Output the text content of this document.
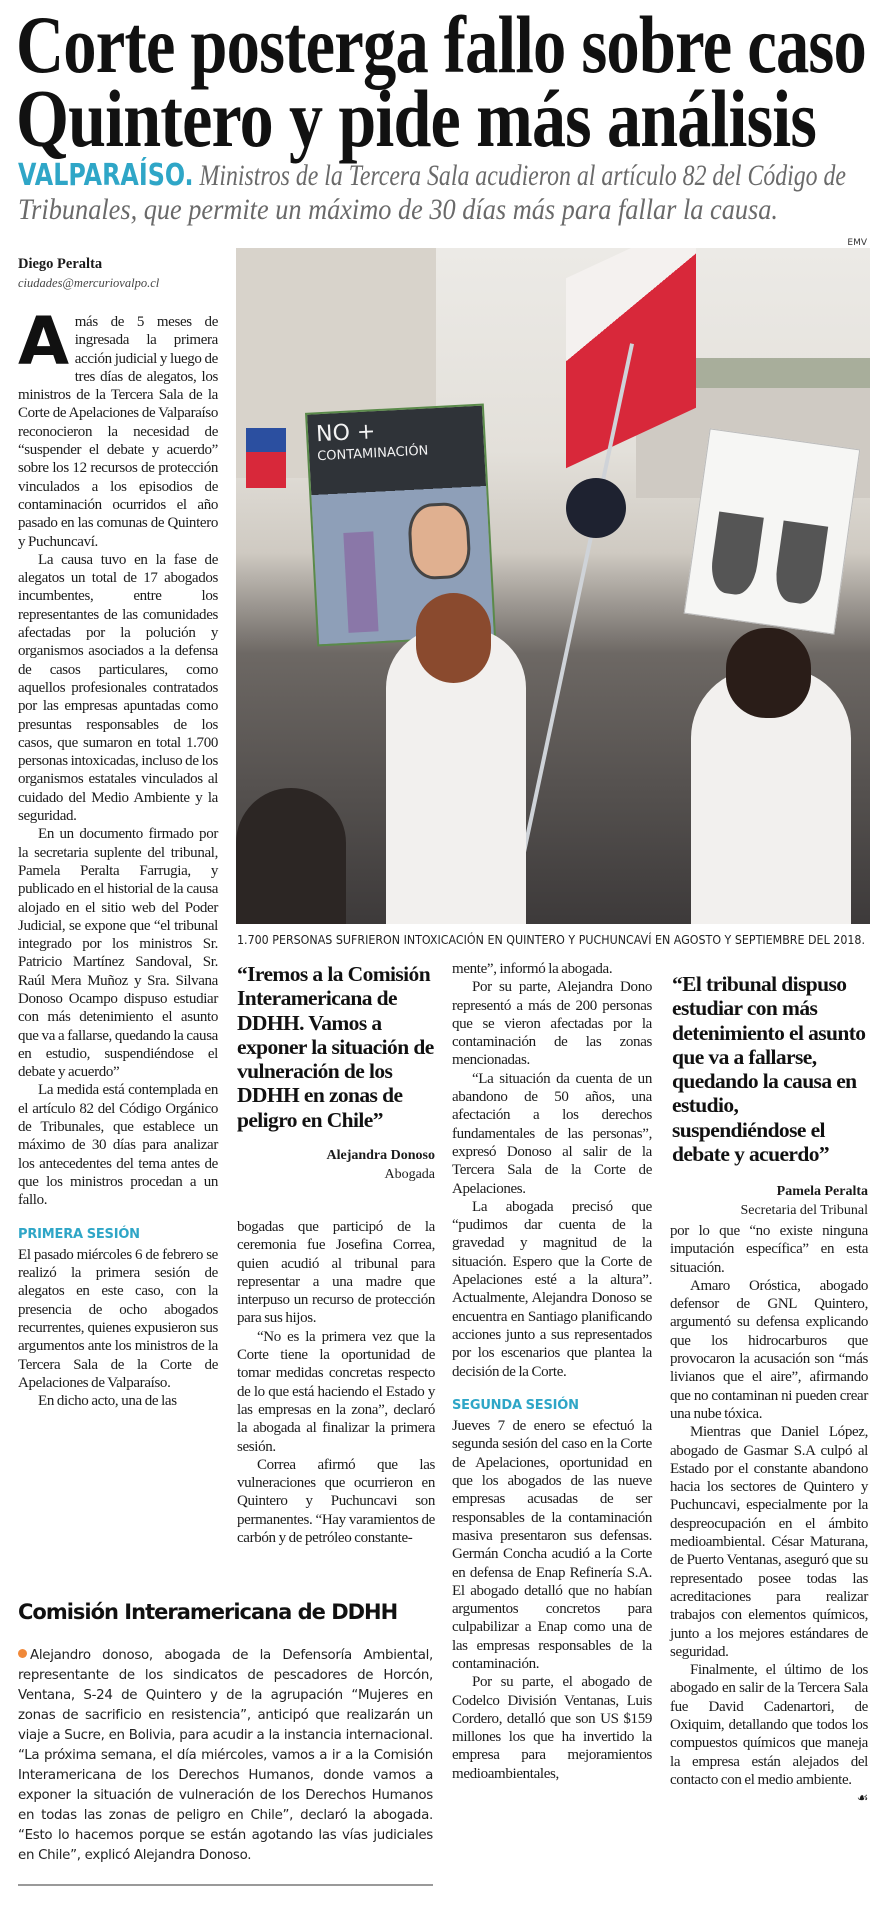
Corte posterga fallo sobre caso
Quintero y pide más análisis
VALPARAÍSO. Ministros de la Tercera Sala acudieron al artículo 82 del Código de
Tribunales, que permite un máximo de 30 días más para fallar la causa.
Diego Peralta
ciudades@mercuriovalpo.cl
EMV
NO +
CONTAMINACIÓN
1.700 PERSONAS SUFRIERON INTOXICACIÓN EN QUINTERO Y PUCHUNCAVÍ EN AGOSTO Y SEPTIEMBRE DEL 2018.
A más de 5 meses de ingresada la primera acción judicial y luego de tres días de alegatos, los ministros de la Tercera Sala de la Corte de Apelaciones de Valparaíso reconocieron la necesidad de “suspender el debate y acuerdo” sobre los 12 recursos de protección vinculados a los episodios de contaminación ocurridos el año pasado en las comunas de Quintero y Puchuncaví.

La causa tuvo en la fase de alegatos un total de 17 abogados incumbentes, entre los representantes de las comunidades afectadas por la polución y organismos asociados a la defensa de casos particulares, como aquellos profesionales contratados por las empresas apuntadas como presuntas responsables de los casos, que sumaron en total 1.700 personas intoxicadas, incluso de los organismos estatales vinculados al cuidado del Medio Ambiente y la seguridad.

En un documento firmado por la secretaria suplente del tribunal, Pamela Peralta Farrugia, y publicado en el historial de la causa alojado en el sitio web del Poder Judicial, se expone que “el tribunal integrado por los ministros Sr. Patricio Martínez Sandoval, Sr. Raúl Mera Muñoz y Sra. Silvana Donoso Ocampo dispuso estudiar con más detenimiento el asunto que va a fallarse, quedando la causa en estudio, suspendiéndose el debate y acuerdo”

La medida está contemplada en el artículo 82 del Código Orgánico de Tribunales, que establece un máximo de 30 días para analizar los antecedentes del tema antes de que los ministros procedan a un fallo.

PRIMERA SESIÓN

El pasado miércoles 6 de febrero se realizó la primera sesión de alegatos en este caso, con la presencia de ocho abogados recurrentes, quienes expusieron sus argumentos ante los ministros de la Tercera Sala de la Corte de Apelaciones de Valparaíso.

En dicho acto, una de las

“Iremos a la Comisión Interamericana de DDHH. Vamos a exponer la situación de vulneración de los DDHH en zonas de peligro en Chile”
Alejandra Donoso
Abogada

bogadas que participó de la ceremonia fue Josefina Correa, quien acudió al tribunal para representar a una madre que interpuso un recurso de protección para sus hijos.

“No es la primera vez que la Corte tiene la oportunidad de tomar medidas concretas respecto de lo que está haciendo el Estado y las empresas en la zona”, declaró la abogada al finalizar la primera sesión.

Correa afirmó que las vulneraciones que ocurrieron en Quintero y Puchuncavi son permanentes. “Hay varamientos de carbón y de petróleo constante-

mente”, informó la abogada.

Por su parte, Alejandra Dono representó a más de 200 personas que se vieron afectadas por la contaminación de las zonas mencionadas.

“La situación da cuenta de un abandono de 50 años, una afectación a los derechos fundamentales de las personas”, expresó Donoso al salir de la Tercera Sala de la Corte de Apelaciones.

La abogada precisó que “pudimos dar cuenta de la gravedad y magnitud de la situación. Espero que la Corte de Apelaciones esté a la altura”. Actualmente, Alejandra Donoso se encuentra en Santiago planificando acciones junto a sus representados por los escenarios que plantea la decisión de la Corte.

SEGUNDA SESIÓN

Jueves 7 de enero se efectuó la segunda sesión del caso en la Corte de Apelaciones, oportunidad en que los abogados de las nueve empresas acusadas de ser responsables de la contaminación masiva presentaron sus defensas. Germán Concha acudió a la Corte en defensa de Enap Refinería S.A. El abogado detalló que no habían argumentos concretos para culpabilizar a Enap como una de las empresas responsables de la contaminación.

Por su parte, el abogado de Codelco División Ventanas, Luis Cordero, detalló que son US $159 millones los que ha invertido la empresa para mejoramientos medioambientales,

“El tribunal dispuso estudiar con más detenimiento el asunto que va a fallarse, quedando la causa en estudio, suspendiéndose el debate y acuerdo”
Pamela Peralta
Secretaria del Tribunal

por lo que “no existe ninguna imputación específica” en esta situación.

Amaro Oróstica, abogado defensor de GNL Quintero, argumentó su defensa explicando que los hidrocarburos que provocaron la acusación son “más livianos que el aire”, afirmando que no contaminan ni pueden crear una nube tóxica.

Mientras que Daniel López, abogado de Gasmar S.A culpó al Estado por el constante abandono hacia los sectores de Quintero y Puchuncavi, especialmente por la despreocupación en el ámbito medioambiental. César Maturana, de Puerto Ventanas, aseguró que su representado posee todas las acreditaciones para realizar trabajos con elementos químicos, junto a los mejores estándares de seguridad.

Finalmente, el último de los abogado en salir de la Tercera Sala fue David Cadenartori, de Oxiquim, detallando que todos los compuestos químicos que maneja la empresa están alejados del contacto con el medio ambiente.
☙

Comisión Interamericana de DDHH
Alejandro donoso, abogada de la Defensoría Ambiental, representante de los sindicatos de pescadores de Horcón, Ventana, S-24 de Quintero y de la agrupación “Mujeres en zonas de sacrificio en resistencia”, anticipó que realizarán un viaje a Sucre, en Bolivia, para acudir a la instancia internacional. “La próxima semana, el día miércoles, vamos a ir a la Comisión Interamericana de los Derechos Humanos, donde vamos a exponer la situación de vulneración de los Derechos Humanos en todas las zonas de peligro en Chile”, declaró la abogada. “Esto lo hacemos porque se están agotando las vías judiciales en Chile”, explicó Alejandra Donoso.
